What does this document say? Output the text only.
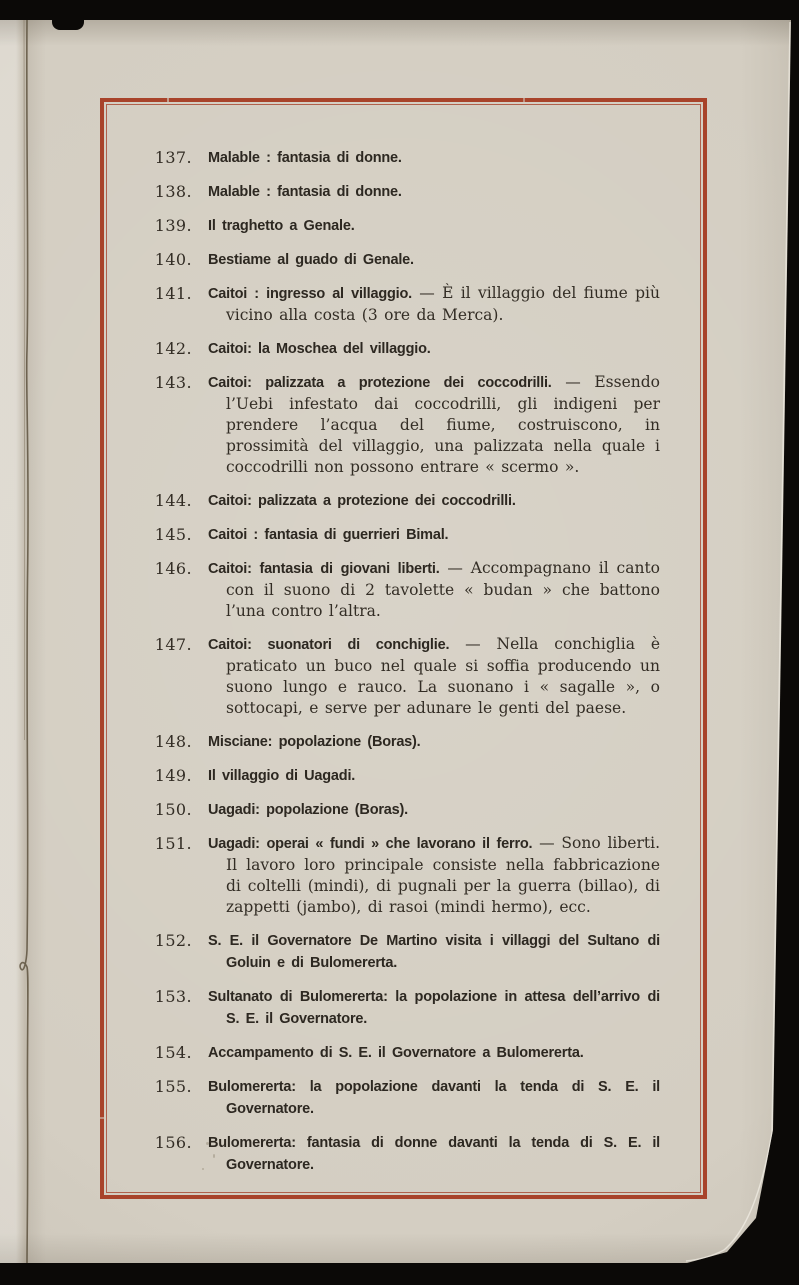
137. Malable : fantasia di donne.
138. Malable : fantasia di donne.
139. Il traghetto a Genale.
140. Bestiame al guado di Genale.
141. Caitoi : ingresso al villaggio. — È il villaggio del fiume più vicino alla costa (3 ore da Merca).
142. Caitoi: la Moschea del villaggio.
143. Caitoi: palizzata a protezione dei coccodrilli. — Essendo l’Uebi infestato dai coccodrilli, gli indigeni per prendere l’acqua del fiume, costruiscono, in prossimità del villaggio, una palizzata nella quale i coccodrilli non possono entrare « scermo ».
144. Caitoi: palizzata a protezione dei coccodrilli.
145. Caitoi : fantasia di guerrieri Bimal.
146. Caitoi: fantasia di giovani liberti. — Accompagnano il canto con il suono di 2 tavolette « budan » che battono l’una contro l’altra.
147. Caitoi: suonatori di conchiglie. — Nella conchiglia è praticato un buco nel quale si soffia producendo un suono lungo e rauco. La suonano i « sagalle », o sottocapi, e serve per adunare le genti del paese.
148. Misciane: popolazione (Boras).
149. Il villaggio di Uagadi.
150. Uagadi: popolazione (Boras).
151. Uagadi: operai « fundi » che lavorano il ferro. — Sono liberti. Il lavoro loro principale consiste nella fabbricazione di coltelli (mindi), di pugnali per la guerra (billao), di zappetti (jambo), di rasoi (mindi hermo), ecc.
152. S. E. il Governatore De Martino visita i villaggi del Sultano di Goluin e di Bulomererta.
153. Sultanato di Bulomererta: la popolazione in attesa dell’arrivo di S. E. il Governatore.
154. Accampamento di S. E. il Governatore a Bulomererta.
155. Bulomererta: la popolazione davanti la tenda di S. E. il Governatore.
156. Bulomererta: fantasia di donne davanti la tenda di S. E. il Governatore.
